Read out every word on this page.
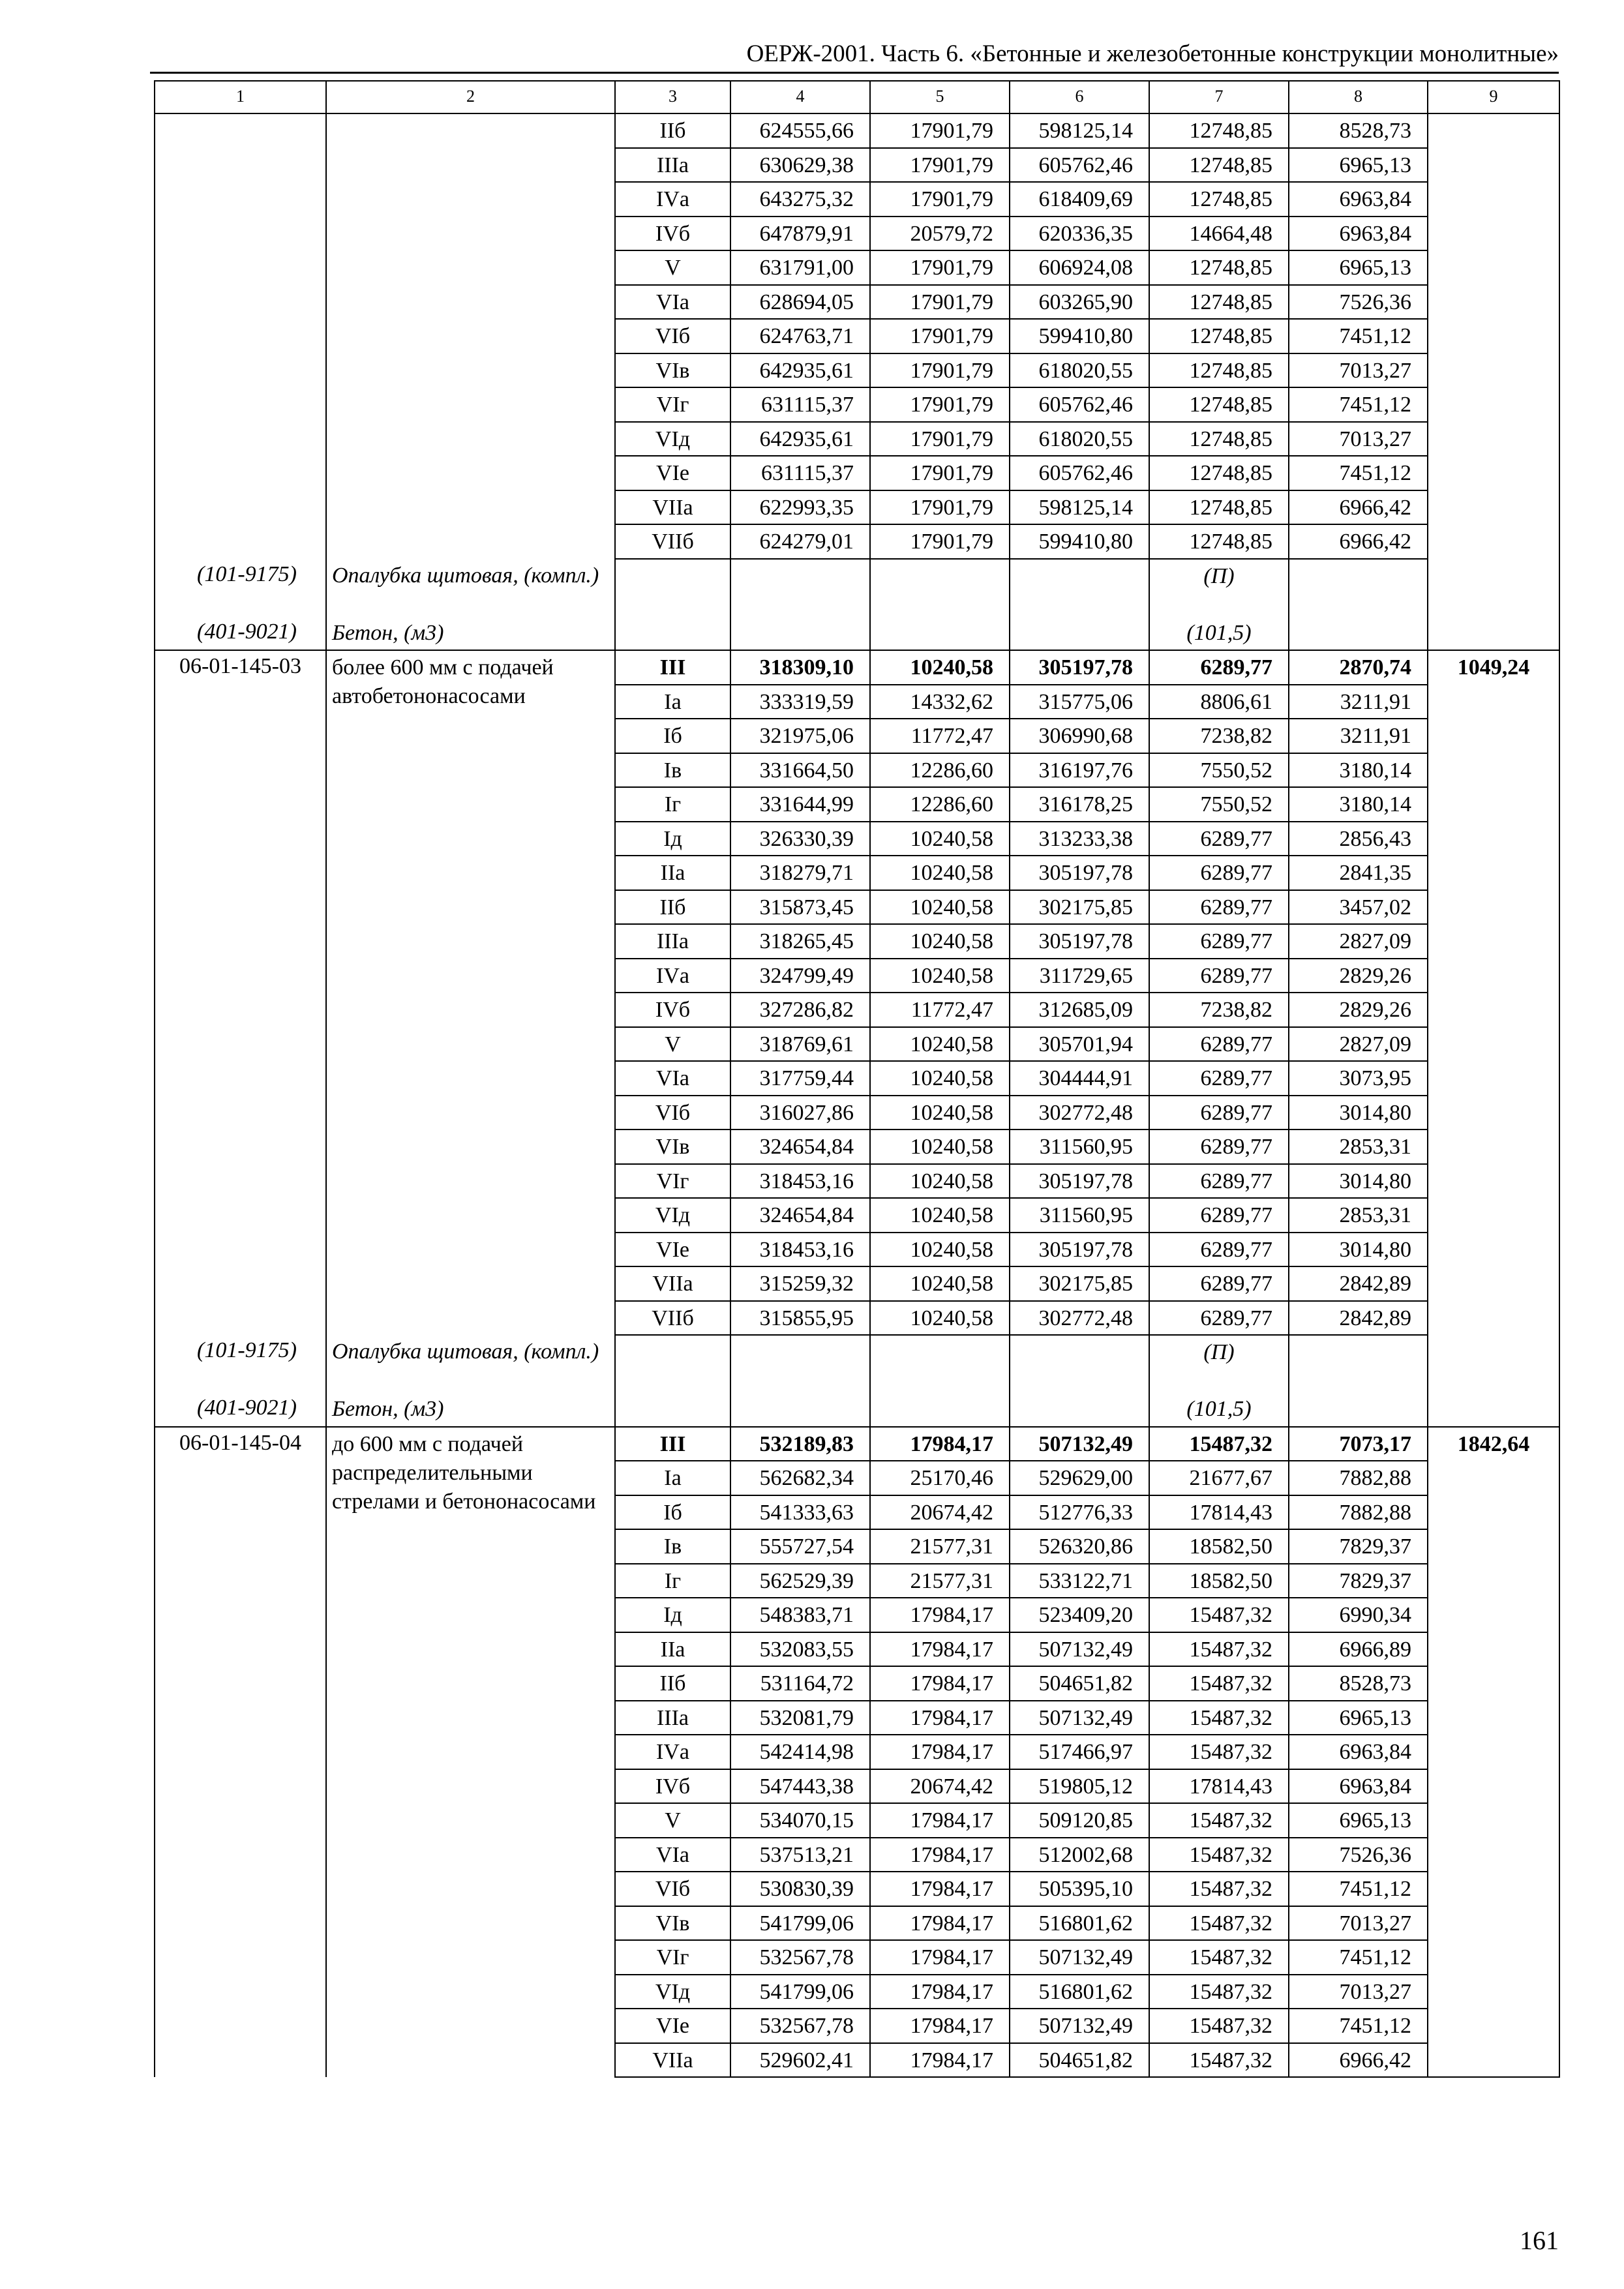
ОЕРЖ-2001. Часть 6. «Бетонные и железобетонные конструкции монолитные»
1	2	3	4	5	6	7	8	9
		IIб	624555,66	17901,79	598125,14	12748,85	8528,73	
		IIIа	630629,38	17901,79	605762,46	12748,85	6965,13	
		IVа	643275,32	17901,79	618409,69	12748,85	6963,84	
		IVб	647879,91	20579,72	620336,35	14664,48	6963,84	
		V	631791,00	17901,79	606924,08	12748,85	6965,13	
		VIа	628694,05	17901,79	603265,90	12748,85	7526,36	
		VIб	624763,71	17901,79	599410,80	12748,85	7451,12	
		VIв	642935,61	17901,79	618020,55	12748,85	7013,27	
		VIг	631115,37	17901,79	605762,46	12748,85	7451,12	
		VIд	642935,61	17901,79	618020,55	12748,85	7013,27	
		VIе	631115,37	17901,79	605762,46	12748,85	7451,12	
		VIIа	622993,35	17901,79	598125,14	12748,85	6966,42	
		VIIб	624279,01	17901,79	599410,80	12748,85	6966,42	
(101-9175)	Опалубка щитовая, (компл.)					(П)		
(401-9021)	Бетон, (м3)					(101,5)		
06-01-145-03	более 600 мм с подачей автобетононасосами	III	318309,10	10240,58	305197,78	6289,77	2870,74	1049,24
		Iа	333319,59	14332,62	315775,06	8806,61	3211,91	
		Iб	321975,06	11772,47	306990,68	7238,82	3211,91	
		Iв	331664,50	12286,60	316197,76	7550,52	3180,14	
		Iг	331644,99	12286,60	316178,25	7550,52	3180,14	
		Iд	326330,39	10240,58	313233,38	6289,77	2856,43	
		IIа	318279,71	10240,58	305197,78	6289,77	2841,35	
		IIб	315873,45	10240,58	302175,85	6289,77	3457,02	
		IIIа	318265,45	10240,58	305197,78	6289,77	2827,09	
		IVа	324799,49	10240,58	311729,65	6289,77	2829,26	
		IVб	327286,82	11772,47	312685,09	7238,82	2829,26	
		V	318769,61	10240,58	305701,94	6289,77	2827,09	
		VIа	317759,44	10240,58	304444,91	6289,77	3073,95	
		VIб	316027,86	10240,58	302772,48	6289,77	3014,80	
		VIв	324654,84	10240,58	311560,95	6289,77	2853,31	
		VIг	318453,16	10240,58	305197,78	6289,77	3014,80	
		VIд	324654,84	10240,58	311560,95	6289,77	2853,31	
		VIе	318453,16	10240,58	305197,78	6289,77	3014,80	
		VIIа	315259,32	10240,58	302175,85	6289,77	2842,89	
		VIIб	315855,95	10240,58	302772,48	6289,77	2842,89	
(101-9175)	Опалубка щитовая, (компл.)					(П)		
(401-9021)	Бетон, (м3)					(101,5)		
06-01-145-04	до 600 мм с подачей распределительными стрелами и бетононасосами	III	532189,83	17984,17	507132,49	15487,32	7073,17	1842,64
		Iа	562682,34	25170,46	529629,00	21677,67	7882,88	
		Iб	541333,63	20674,42	512776,33	17814,43	7882,88	
		Iв	555727,54	21577,31	526320,86	18582,50	7829,37	
		Iг	562529,39	21577,31	533122,71	18582,50	7829,37	
		Iд	548383,71	17984,17	523409,20	15487,32	6990,34	
		IIа	532083,55	17984,17	507132,49	15487,32	6966,89	
		IIб	531164,72	17984,17	504651,82	15487,32	8528,73	
		IIIа	532081,79	17984,17	507132,49	15487,32	6965,13	
		IVа	542414,98	17984,17	517466,97	15487,32	6963,84	
		IVб	547443,38	20674,42	519805,12	17814,43	6963,84	
		V	534070,15	17984,17	509120,85	15487,32	6965,13	
		VIа	537513,21	17984,17	512002,68	15487,32	7526,36	
		VIб	530830,39	17984,17	505395,10	15487,32	7451,12	
		VIв	541799,06	17984,17	516801,62	15487,32	7013,27	
		VIг	532567,78	17984,17	507132,49	15487,32	7451,12	
		VIд	541799,06	17984,17	516801,62	15487,32	7013,27	
		VIе	532567,78	17984,17	507132,49	15487,32	7451,12	
		VIIа	529602,41	17984,17	504651,82	15487,32	6966,42	
161
